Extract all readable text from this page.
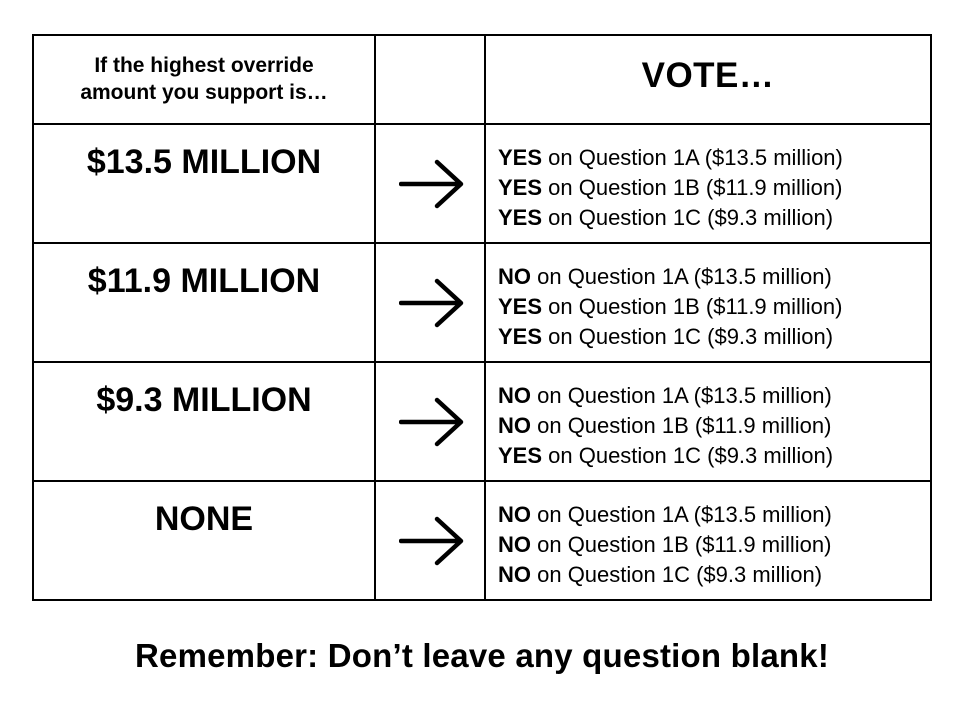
If the highest override
amount you support is…		VOTE…

$13.5 MILLION		YES on Question 1A ($13.5 million)
YES on Question 1B ($11.9 million)
YES on Question 1C ($9.3 million)

$11.9 MILLION		NO on Question 1A ($13.5 million)
YES on Question 1B ($11.9 million)
YES on Question 1C ($9.3 million)

$9.3 MILLION		NO on Question 1A ($13.5 million)
NO on Question 1B ($11.9 million)
YES on Question 1C ($9.3 million)

NONE		NO on Question 1A ($13.5 million)
NO on Question 1B ($11.9 million)
NO on Question 1C ($9.3 million)
Remember: Don’t leave any question blank!
